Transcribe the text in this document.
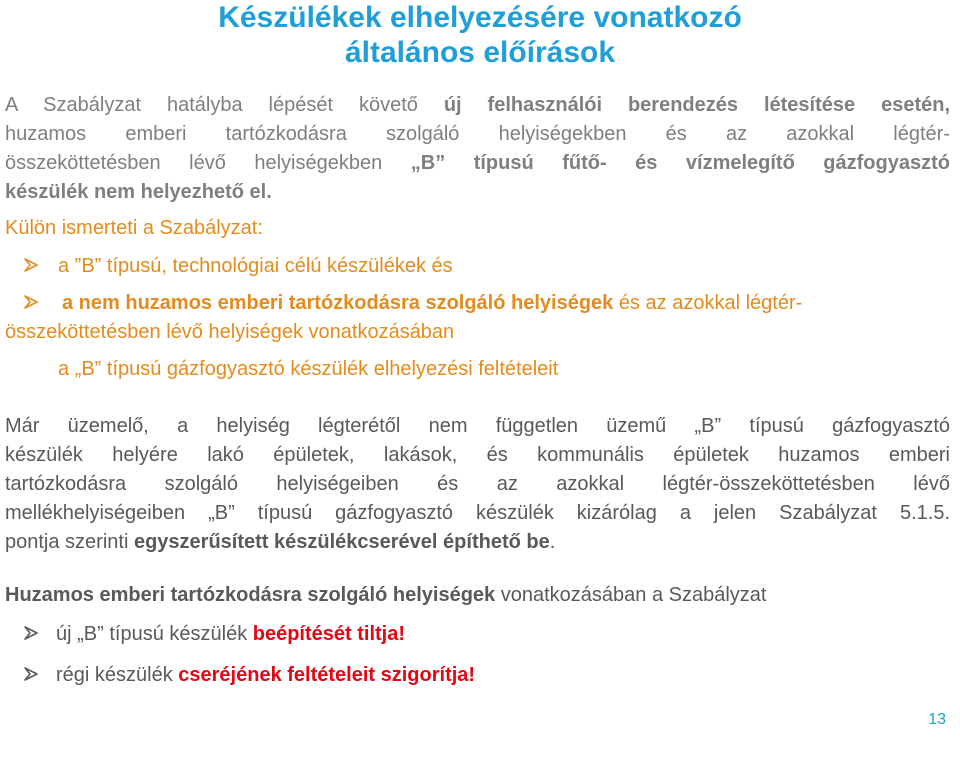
Készülékek elhelyezésére vonatkozó
általános előírások
A Szabályzat hatályba lépését követő új felhasználói berendezés létesítése esetén,
huzamos emberi tartózkodásra szolgáló helyiségekben és az azokkal légtér-
összeköttetésben lévő helyiségekben „B” típusú fűtő- és vízmelegítő gázfogyasztó
készülék nem helyezhető el.
Külön ismerteti a Szabályzat:
a ”B” típusú, technológiai célú készülékek és
a nem huzamos emberi tartózkodásra szolgáló helyiségek és az azokkal légtér-
összeköttetésben lévő helyiségek vonatkozásában
a „B” típusú gázfogyasztó készülék elhelyezési feltételeit
Már üzemelő, a helyiség légterétől nem független üzemű „B” típusú gázfogyasztó
készülék helyére lakó épületek, lakások, és kommunális épületek huzamos emberi
tartózkodásra szolgáló helyiségeiben és az azokkal légtér-összeköttetésben lévő
mellékhelyiségeiben „B” típusú gázfogyasztó készülék kizárólag a jelen Szabályzat 5.1.5.
pontja szerinti egyszerűsített készülékcserével építhető be.
Huzamos emberi tartózkodásra szolgáló helyiségek vonatkozásában a Szabályzat
új „B” típusú készülék beépítését tiltja!
régi készülék cseréjének feltételeit szigorítja!
13
